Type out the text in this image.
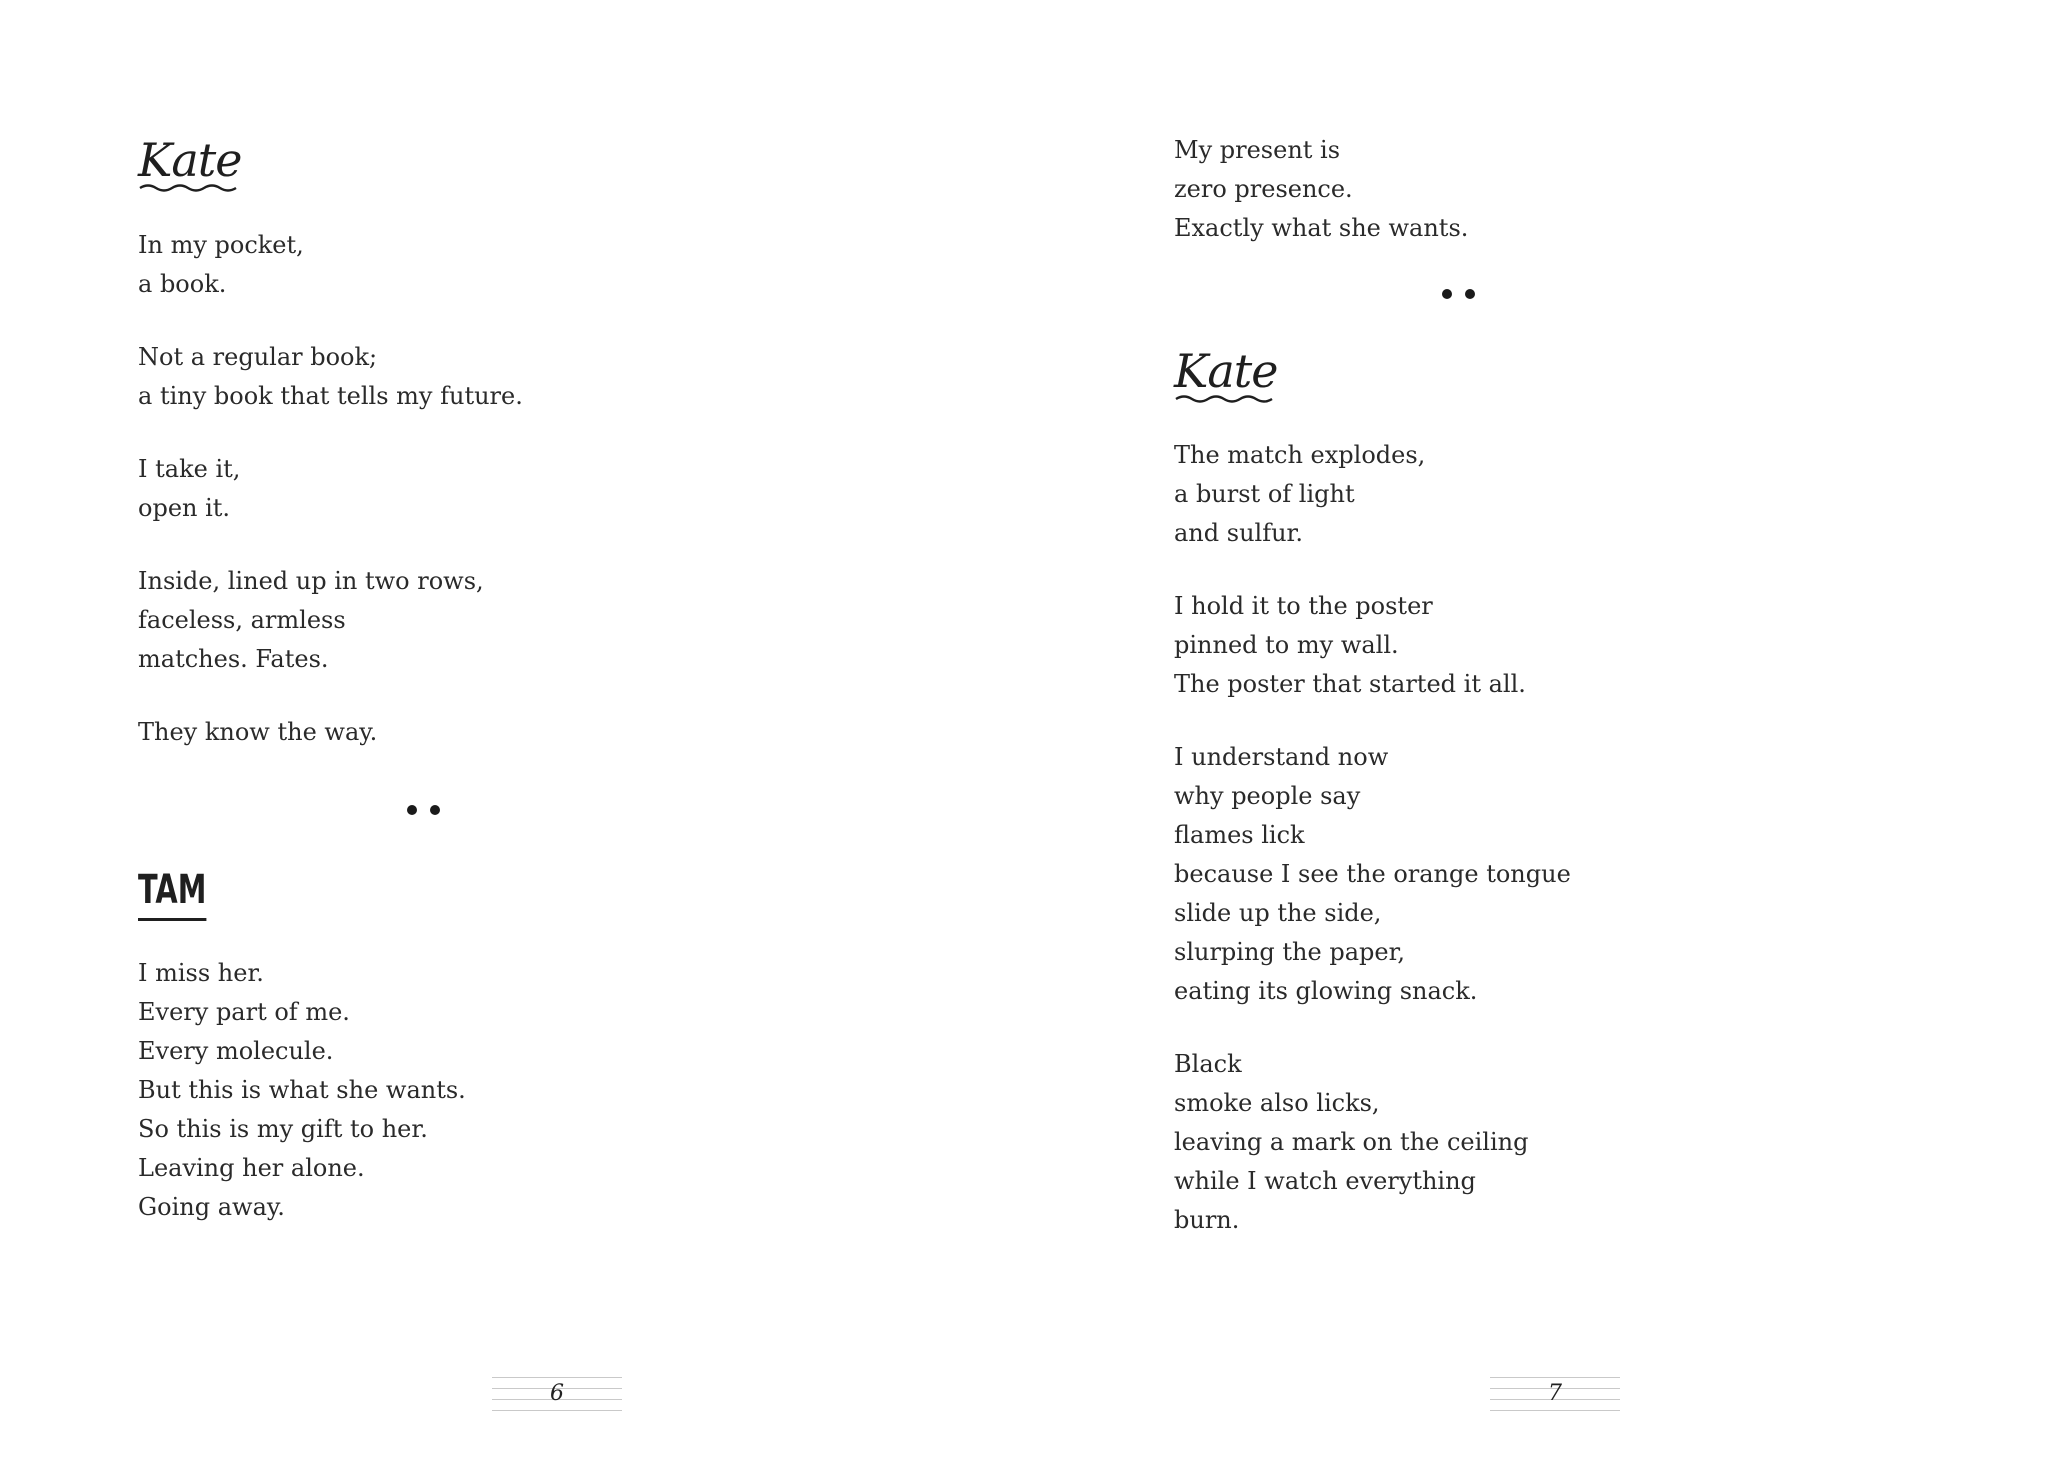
Kate
In my pocket,
a book.
Not a regular book;
a tiny book that tells my future.
I take it,
open it.
Inside, lined up in two rows,
faceless, armless
matches. Fates.
They know the way.
TAM
I miss her.
Every part of me.
Every molecule.
But this is what she wants.
So this is my gift to her.
Leaving her alone.
Going away.
6
My present is
zero presence.
Exactly what she wants.
Kate
The match explodes,
a burst of light
and sulfur.
I hold it to the poster
pinned to my wall.
The poster that started it all.
I understand now
why people say
flames lick
because I see the orange tongue
slide up the side,
slurping the paper,
eating its glowing snack.
Black
smoke also licks,
leaving a mark on the ceiling
while I watch everything
burn.
7
